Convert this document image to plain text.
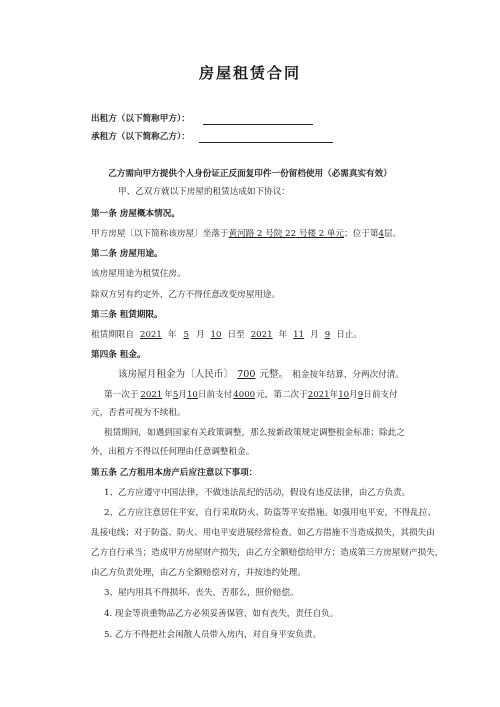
房屋租赁合同
出租方（以下简称甲方）：
承租方（以下简称乙方）：
乙方需向甲方提供个人身份证正反面复印件一份留档使用（必需真实有效）
甲、乙双方就以下房屋的租赁达成如下协议：
第一条 房屋概本情况。
甲方房屋〔以下简称该房屋〕坐落于黄河路 2 号院 22 号楼 2 单元；位于第4层。
第二条 房屋用途。
该房屋用途为租赁住房。
除双方另有约定外，乙方不得任意改变房屋用途。
第三条 租赁期限。
租赁期限自 2021 年 5 月 10 日至 2021 年 11 月 9 日止。
第四条 租金。
该房屋月租金为〔人民币〕 700 元整。 租金按年结算，分两次付清。
第一次于 2021 年5月10日前支付4000元，第二次于2021年10月9日前支付
元，否者可视为不续租。
租赁期间，如遇到国家有关政策调整，那么按新政策规定调整租金标准；除此之
外，出租方不得以任何理由任意调整租金。
第五条 乙方租用本房产后应注意以下事项：
1、乙方应遵守中国法律，不做违法乱纪的活动，假设有违反法律，由乙方负责。
2、乙方应注意居住平安，自行采取防火、防盗等平安措施。如强用电平安，不得乱拉、
乱接电线；对于防盗、防火、用电平安进展经常检查。如乙方措施不当造成损失，其损失由
乙方自行承当；造成甲方房屋财产损失，由乙方全额赔偿给甲方；造成第三方房屋财产损失，
由乙方负责处理，由乙方全额赔偿对方，并按违约处理。
3、屋内用具不得损坏、丧失，否那么，照价赔偿。
4. 现金等贵重物品乙方必须妥善保管，如有丧失，责任自负。
5. 乙方不得把社会闲散人员带入房内，对自身平安负责。
